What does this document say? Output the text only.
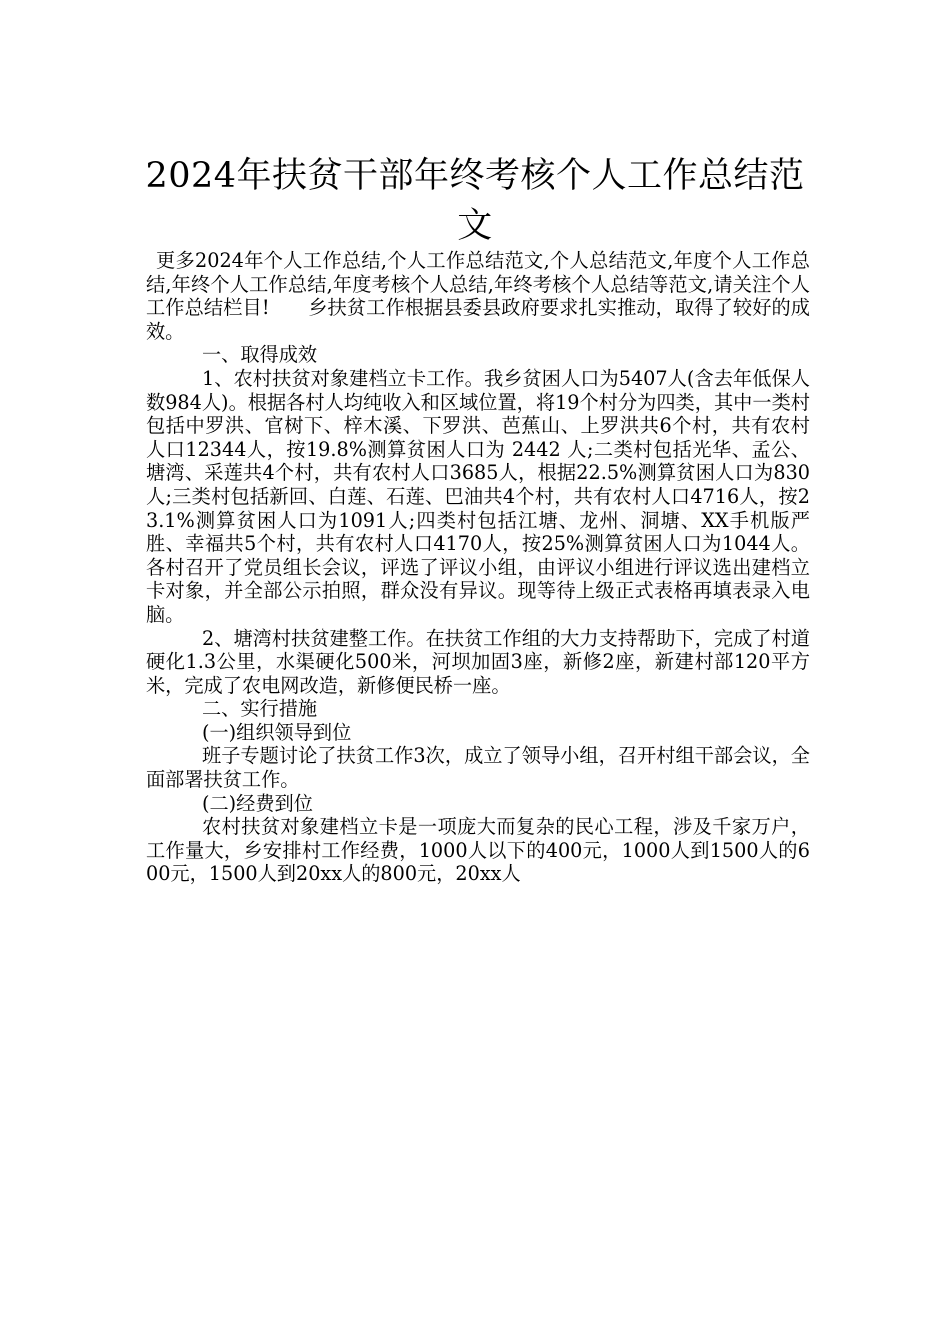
2024年扶贫干部年终考核个人工作总结范文

更多2024年个人工作总结,个人工作总结范文,个人总结范文,年度个人工作总结,年终个人工作总结,年度考核个人总结,年终考核个人总结等范文,请关注个人工作总结栏目!　　乡扶贫工作根据县委县政府要求扎实推动，取得了较好的成效。

一、取得成效

1、农村扶贫对象建档立卡工作。我乡贫困人口为5407人(含去年低保人数984人)。根据各村人均纯收入和区域位置，将19个村分为四类，其中一类村包括中罗洪、官树下、梓木溪、下罗洪、芭蕉山、上罗洪共6个村，共有农村人口12344人，按19.8%测算贫困人口为 2442 人;二类村包括光华、孟公、塘湾、采莲共4个村，共有农村人口3685人，根据22.5%测算贫困人口为830人;三类村包括新回、白莲、石莲、巴油共4个村，共有农村人口4716人，按23.1%测算贫困人口为1091人;四类村包括江塘、龙州、洞塘、XX手机版严胜、幸福共5个村，共有农村人口4170人，按25%测算贫困人口为1044人。各村召开了党员组长会议，评选了评议小组，由评议小组进行评议选出建档立卡对象，并全部公示拍照，群众没有异议。现等待上级正式表格再填表录入电脑。

2、塘湾村扶贫建整工作。在扶贫工作组的大力支持帮助下，完成了村道硬化1.3公里，水渠硬化500米，河坝加固3座，新修2座，新建村部120平方米，完成了农电网改造，新修便民桥一座。

二、实行措施

(一)组织领导到位

班子专题讨论了扶贫工作3次，成立了领导小组，召开村组干部会议，全面部署扶贫工作。

(二)经费到位

农村扶贫对象建档立卡是一项庞大而复杂的民心工程，涉及千家万户，工作量大，乡安排村工作经费，1000人以下的400元，1000人到1500人的600元，1500人到20xx人的800元，20xx人
